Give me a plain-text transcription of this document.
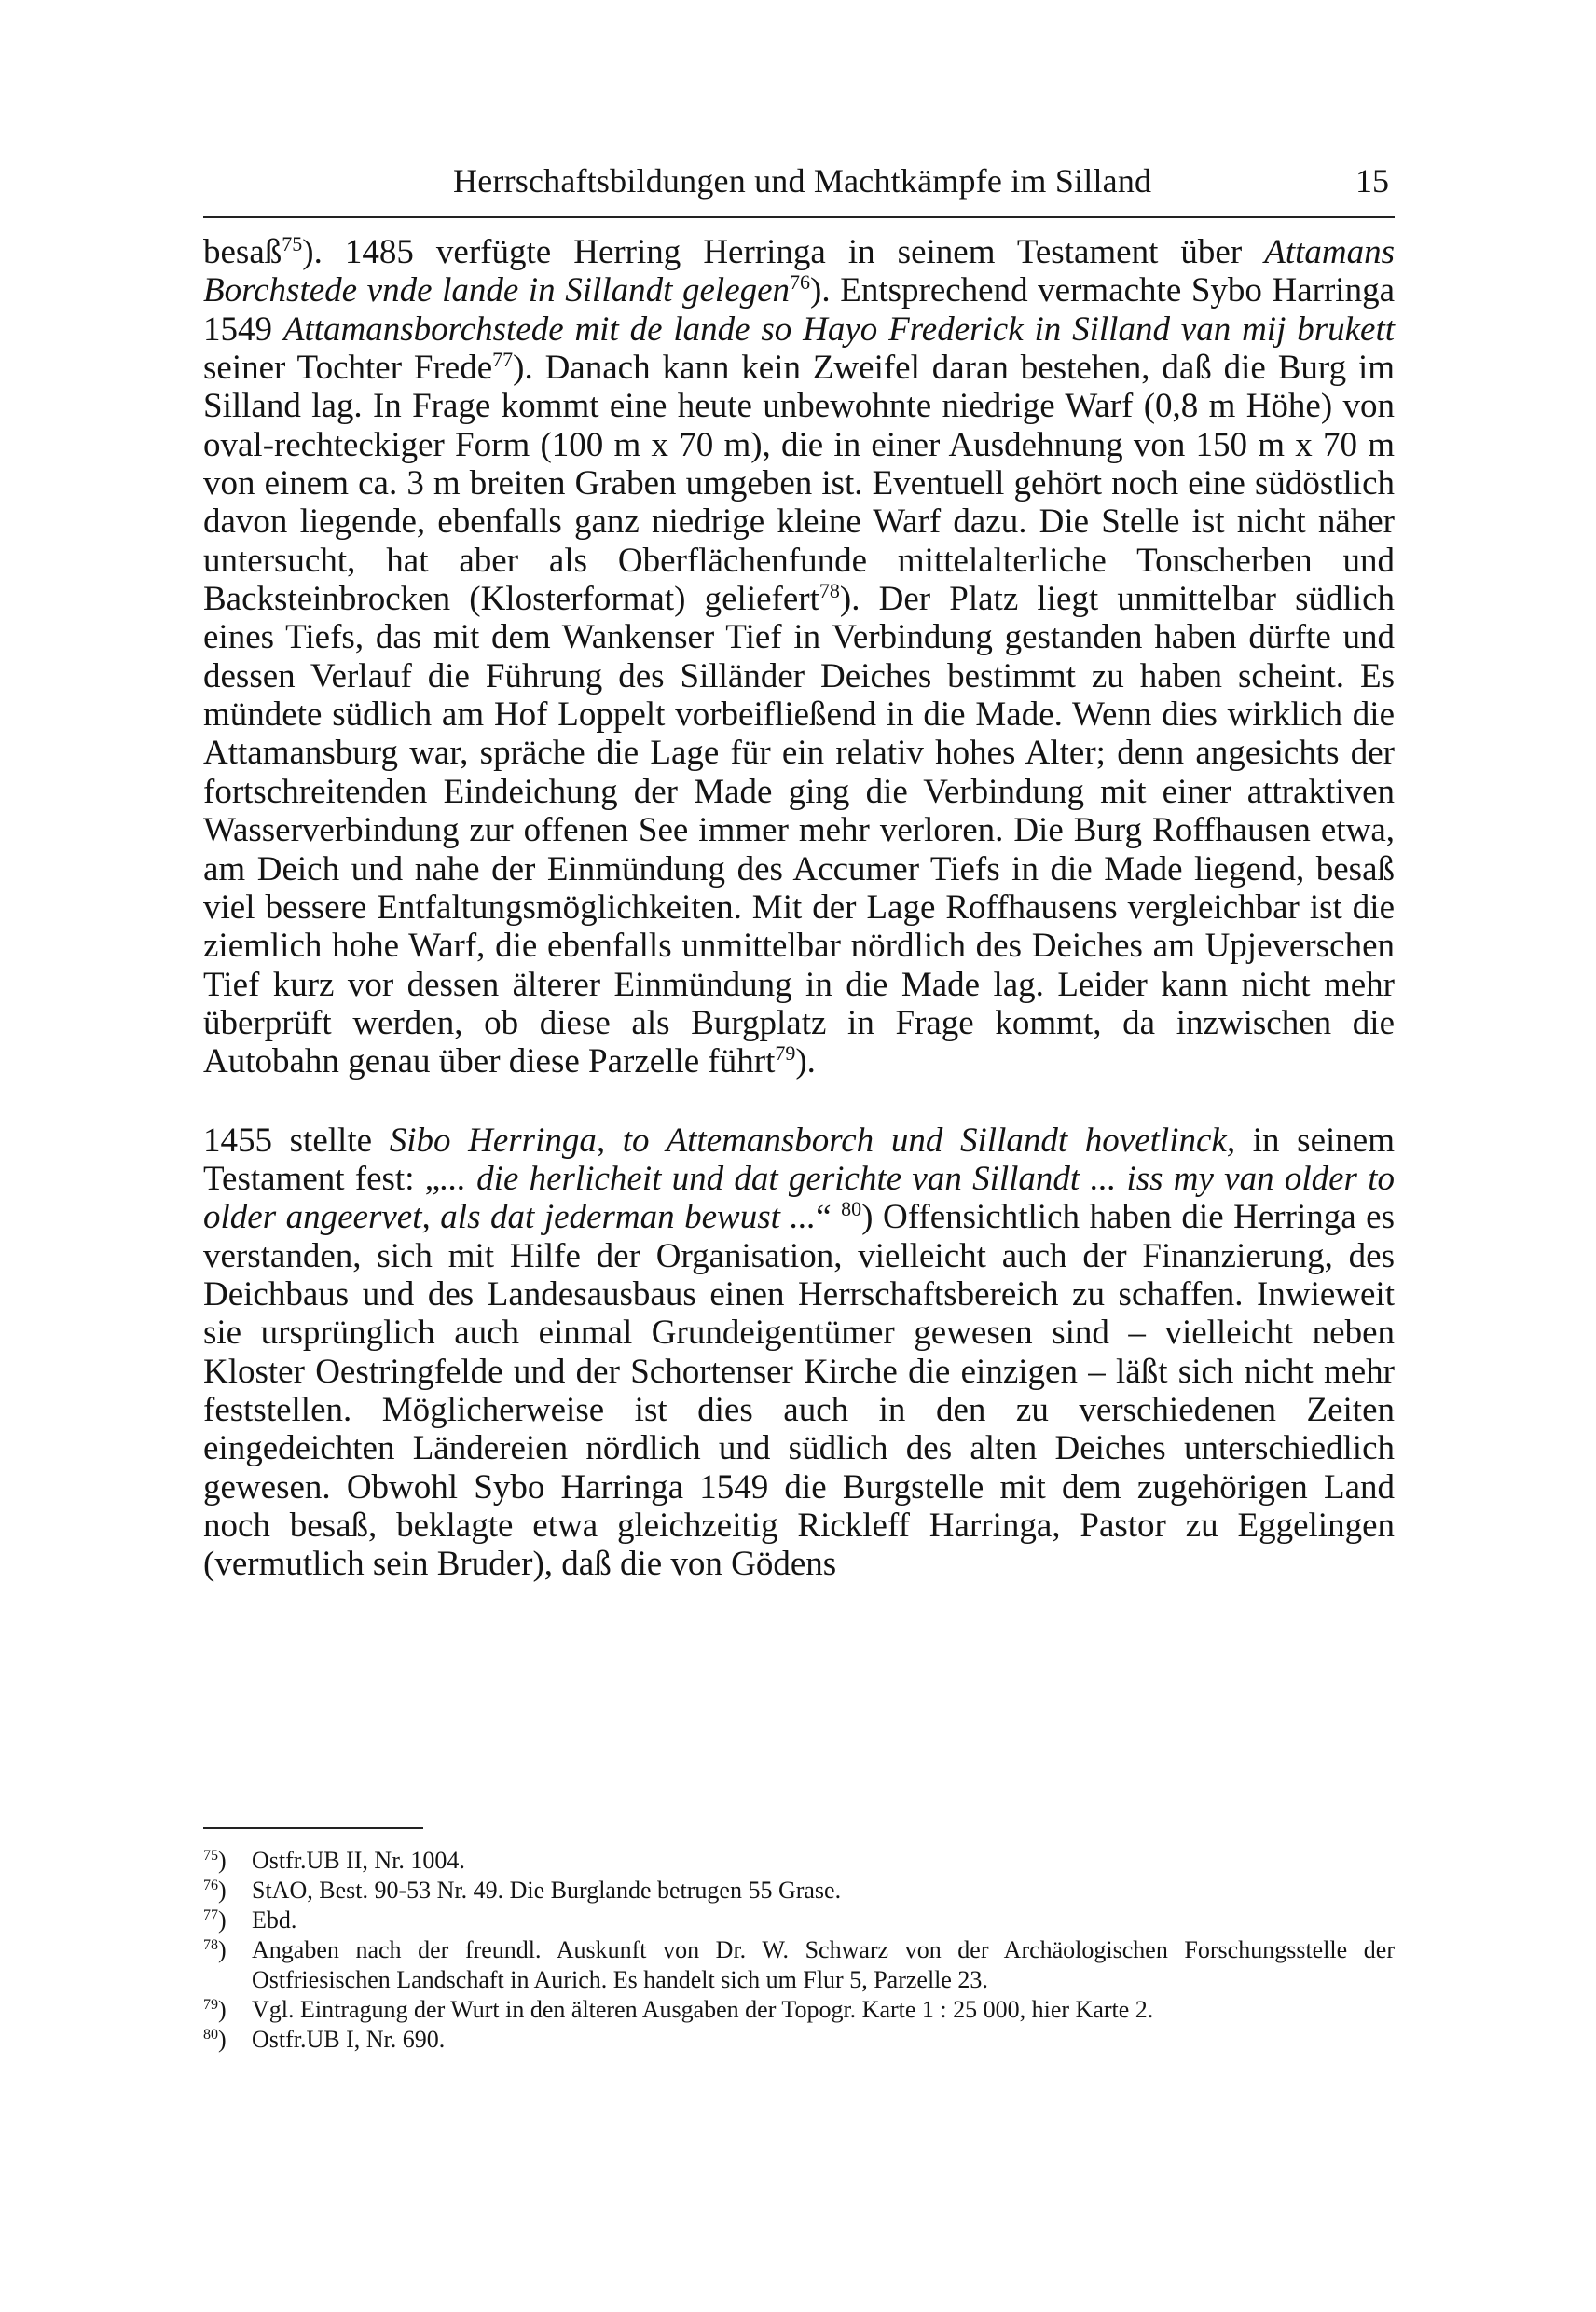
Herrschaftsbildungen und Machtkämpfe im Silland	15

besaß$^{75}$). 1485 verfügte Herring Herringa in seinem Testament über Attamans Borchstede vnde lande in Sillandt gelegen$^{76}$). Entsprechend vermachte Sybo Harringa 1549 Attamansborchstede mit de lande so Hayo Frederick in Silland van mij brukett seiner Tochter Frede$^{77}$). Danach kann kein Zweifel daran bestehen, daß die Burg im Silland lag. In Frage kommt eine heute unbewohnte niedrige Warf (0,8 m Höhe) von oval-rechteckiger Form (100 m x 70 m), die in einer Ausdehnung von 150 m x 70 m von einem ca. 3 m breiten Graben umgeben ist. Eventuell gehört noch eine südöstlich davon liegende, ebenfalls ganz niedrige kleine Warf dazu. Die Stelle ist nicht näher untersucht, hat aber als Oberflächenfunde mittelalterliche Tonscherben und Backsteinbrocken (Klosterformat) geliefert$^{78}$). Der Platz liegt unmittelbar südlich eines Tiefs, das mit dem Wankenser Tief in Verbindung gestanden haben dürfte und dessen Verlauf die Führung des Silländer Deiches bestimmt zu haben scheint. Es mündete südlich am Hof Loppelt vorbeifließend in die Made. Wenn dies wirklich die Attamansburg war, spräche die Lage für ein relativ hohes Alter; denn angesichts der fortschreitenden Eindeichung der Made ging die Verbindung mit einer attraktiven Wasserverbindung zur offenen See immer mehr verloren. Die Burg Roffhausen etwa, am Deich und nahe der Einmündung des Accumer Tiefs in die Made liegend, besaß viel bessere Entfaltungsmöglichkeiten. Mit der Lage Roffhausens vergleichbar ist die ziemlich hohe Warf, die ebenfalls unmittelbar nördlich des Deiches am Upjeverschen Tief kurz vor dessen älterer Einmündung in die Made lag. Leider kann nicht mehr überprüft werden, ob diese als Burgplatz in Frage kommt, da inzwischen die Autobahn genau über diese Parzelle führt$^{79}$).

1455 stellte Sibo Herringa, to Attemansborch und Sillandt hovetlinck, in seinem Testament fest: „... die herlicheit und dat gerichte van Sillandt ... iss my van older to older angeervet, als dat jederman bewust ...“ $^{80}$) Offensichtlich haben die Herringa es verstanden, sich mit Hilfe der Organisation, vielleicht auch der Finanzierung, des Deichbaus und des Landesausbaus einen Herrschaftsbereich zu schaffen. Inwieweit sie ursprünglich auch einmal Grundeigentümer gewesen sind – vielleicht neben Kloster Oestringfelde und der Schortenser Kirche die einzigen – läßt sich nicht mehr feststellen. Möglicherweise ist dies auch in den zu verschiedenen Zeiten eingedeichten Ländereien nördlich und südlich des alten Deiches unterschiedlich gewesen. Obwohl Sybo Harringa 1549 die Burgstelle mit dem zugehörigen Land noch besaß, beklagte etwa gleichzeitig Rickleff Harringa, Pastor zu Eggelingen (vermutlich sein Bruder), daß die von Gödens

$^{75}$) Ostfr.UB II, Nr. 1004.
$^{76}$) StAO, Best. 90-53 Nr. 49. Die Burglande betrugen 55 Grase.
$^{77}$) Ebd.
$^{78}$) Angaben nach der freundl. Auskunft von Dr. W. Schwarz von der Archäologischen Forschungsstelle der Ostfriesischen Landschaft in Aurich. Es handelt sich um Flur 5, Parzelle 23.
$^{79}$) Vgl. Eintragung der Wurt in den älteren Ausgaben der Topogr. Karte 1 : 25 000, hier Karte 2.
$^{80}$) Ostfr.UB I, Nr. 690.
